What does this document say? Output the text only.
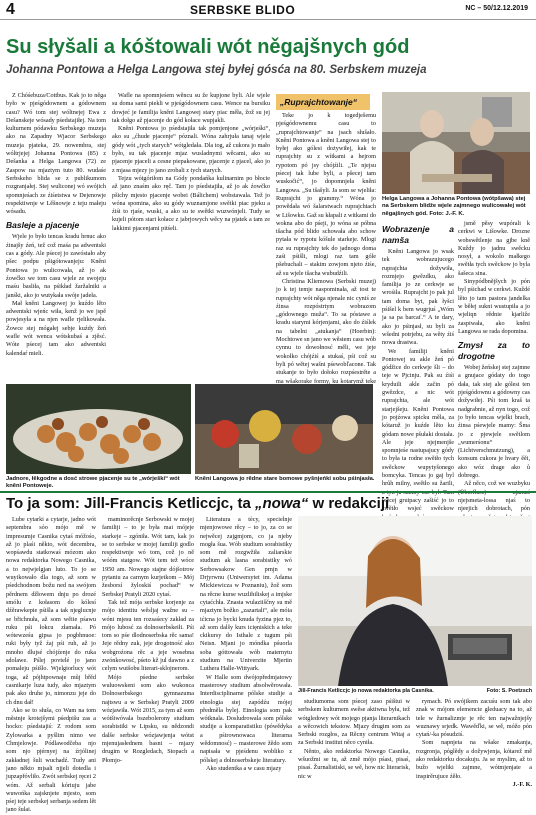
4	SERBSKE BLIDO	NC – 50/12.12.2019
Su słyšali a kóštowali wót něgajšnych gód
Johanna Pontowa a Helga Langowa stej byłej gósća na 80. Serbskem muzeja

Z Chóśebuza/Cottbus. Kak jo to něga było w pjeśgódownem a gódownem casu? Wó tom stej wóltnejej Ewa z Dešanskeje wósady pśedstajiłej. Na tom kulturnem pódawku Serbskego muzeja ako na Zapadny Wjacor Serbskego muzeja pjateka, 29. nowembra, stej wóltrjejej Johanna Pontowa (85) z Dešanka a Helga Langowa (72) ze Zaspow na mjaztym tuto 80. wudaśe Serbskeho blida se z publikumom rozgranjałej. Stej wuliconej wó swójich spomnjeśach ze źiśetstwa w Dejenowje respektiwnje w Lěšnowje z teju małeju wósadu.

Basleje a pjacenje

Wjele jo było tencas kradu hrnuc ako źinajšy źeń, tež což maśa pa adwentski cas a gódy. Ale pśecej jo zawóstało aby pšec podpu pšigótowanjeju: Kněni Pontowa jo wulicowała, až jo ak źowčko we tom casu wjele ze swojeju maśu basliła, na pśikład žaržalniki a janśki, ako jo wutykała swóje jadeła.

Mał kněni Langowej jo kuźdo lěto adwentski wjeńc wiła, kenž jo we jspě powjesyła a na njen wafle rjelikowała. Źowce stej mógałej sebje kuźdy žeń wafle wót wenca wótskubaś a zjěsć. Wóte pśecej tam ako adwentski kalendaŕ mieli.

Wafle na spomnjeśem wěncu su že kupjone byli. Ale wjele su doma sami piekli w pjeśgódownem casu. Wence na bursiku dowjeć je familija kněni Langowej stary piac měła, žož su jej tak dołgo až pjacenje do gód kołace wupjakli.

Kněni Pontowa jo pśedstajiła tak pomjenjone „wórjeśki“, ako su „ćhude pjacenje“ póznali. Wóna zahrjuła tanaj wjele gódy wót „tych starych“ wótgledała. Dla tog, až cukora jo mało było, su tak pjacenje mjaz wusladnymi wěcami, ako su pjacenje pjaceli a cesne piepakowane, pjacenje z pjacel, ako jo z mjasa mjezy jo jano zrobali z tych starych.

Tejzu wótgóriłom na Gódy pondańka kulinarnim po błocie až jano znaśm ako ręč. Tam jo pśedstajiła, až jo ak źowčko pšichy mjesto pjacenje wobei (Bálichem) wobstawala. Tež jo wóna spomina, ako su gódy wuznamjone swětki piac pjeku a źiśi to rjaśe, wuski, a ako su te swětki wuzwónjeli. Tudy se kujeli pótom stari kołace z jabrjowych wěcy na pjatek a tam ze lakkimi pjacenjami pitśeli.

„Ruprajchtowanje“

Teke jo k togedješemu pjeśgódownemu casu to „ruprajchtowanje“ na jsach słušało. Kněni Pontowa a kněni Langowa stej to byłej ako gólesi dożywiłej, kak te ruprajchty su z wítkami a hejrom rypotom pó jsy chójźili. „Te njejsu pśecej tak lube byli, a pšecej tam wuskočić“, jo dopomnjeła kněni Langowa. „Su tšašyli. Ja som se wjeliła: Ruprajcht jo grammy.“ Wóna jo powědała wó šalarstwach ruprajchtach w Lišowku. Gaž su kłapali z witkami do wokna abo do pśeji, jo wóna se póbna tšacha pód blido schowała abo schow pytała w rypotu kóšule starkeje. Mlogi raz su ruprajchty tek do jadnogo doma zaśi pśišli, mlogi raz tam góle pšebuchali – stakim zowjom njeto źiśe, až su wjele tšacha wubudźili.

Christina Kliemowa (Serbski muzej) jo k tej temje naspominała, až tost te ruprajchty wót něga njenale nic cyniś ze źinsa rozpóstrtym wobrazom „gódownego muža“. To sa póstawe a kradu starymi kórjenjami, ako do źiślek na tabelni „atukanja“ (Hoerbin): Mochtowe sn jano we wěstem casu wób cynnu to dowołnosć měli, we jeje wokołko chójźiś a stukaś, pśi což su byli pó wětej wašni pśewobľacone. Tak stukanje to było dołoko rozpśestrěte a ma wšakorake formy, ku kotarymž teke

Helga Langowa a Johanna Pontowa (wótpšawa) stej na Serbskem blidže wjele zajmnego wulicowałej wót něgajšnych gód. Foto: J.-F. K.
Wobrazenje a namša

Kněni Langowa jo wsak tek wobrazujucego ruprajchta dožywiła, rozmjejo gwězdku, ako familija jo ze cerkwje se wrośiła. Ruprajcht jo pak jul tam doma byt, pak łyšci pśišel k bem wugrjuś „Wóm ja sa pa barcať.“ A te dary, ako jo pśinjasł, su byli za wšedni potrjebu, za wěty źiś nowa drastwa.

We familiji kněni Pontowej su akle žeń pó gódžice do cerkwje šli – do teje w Pjcinju. Pak su źiśi kryduili akle začin pó gwězdce, a nic wót ruprajchta, ale wót starjejšeju. Kněni Pontowa jo pojźowa spicku měla, za kótaruž jo kuźde lěto ku gódam nowe pšułaki dostała. Ale jeje njejmenjše spomnjeśe nastupajucy gódy to była ta rodne swětło tych swěckow wupytyšonego bomcyka. Tencas jo gaj byl hrůh milny, swětło su žarili, wěcej gruipacy zašiść jo to swětło wsjeć swěckow

jsmě pěsy wupórali k cerkwi w Lišowke. Drozne wobswětlenje na gjbe kně Kuždy jo jadnu swěcku nosył, a wokolo małkego swětła tych swěckow jo byla šašeca sina.

Sinypódbnějšych jo pón byl pśichad w cerkwi. Kuždé lěto jo tam pastora jandelka w běłej sukni wustupiła a jo wjeliqn rědnie kjarliže zaspiwała, ako kněni Langowa se rada dopomina.

Zmysł za to drogotne

Wobej žeńskej stej zajmne a gnujace gódaty do togo dała, tak stej ale gólesi ten pjeśgódownu a gódowny cas dožywiłej. Pśi tom kraš ta nadgrabnie, až nyn togo, což jo było tencas wjelki brach, źinsa pśewjele mamy: Šma jo z pjewjele swětlom „wumerśonu“ (Lichtverschmutzung), a konsum cukora je hvary ěěi, ako wóz drage ako ů dobrego.

Až něco, což we wuzbyku njejsmeta-lossa njaś to njeejich dobrotach, pón

Jadnore, łěkgodne a dosć strowe pjacenje su te „wórješki“ wót kněni Pontoweje.
Kněni Langowa jo rědne stare bomowe pyšnjeńki sobu pśinjasła.
To ja som: Jill-Francis Ketliccjc, ta „nowa“ w redakciji

Lube cytarki a cytarje, jadno wót septembra sóo mójo mě w impresumje Casnika cytaś móžośo, až jo plaśi někto, wót decembra, wopśawdu statkowaś mózom ako nowa redaktorka Nowego Casnika, a to nejwjelgjan luto. To jo se wuyikowało dla togo, až som w pśedchodnom božu ned na swójom pěrdnem džłowem dnju po drozé smólu z kołasom do kólesí dźěrawkepie pśišla a tak njeglucnje se břichnuła, až som wěiie pśawu ruku pśi łokcu złamała. Pó wótewześu gipsa jo pogbhnuoe: ruki były tyž źaj pśi ruh, až jo mnoho dlujsé chójźenje do ruka sdolawe. Pślej povtelé jo jano pomaleju pśišlo. Wjelgiorlucy wót toga, až pójhtpownaje můj břěd casnikarje luza tudy, ako mjaztym pak ako druhe jo, nimonzu jeje do ch dnu dał!

Ako se to słuša, co Wam na tom městnje krotejšymi pśedpišu zas a hocko: pśedstajiś: Z rodom som Zylowarka a pyšlim nimo we Chmjelowje. Pódlawodčeba njo som njo pjérnyej na źrjólinej zakładnej šuli wuchadź. Tudy ani jano někto mjsali njjeli dotedla i jupzapřóvliło. Zwót serbskej ręcei 2 wóm. Až serbali kóriuju jabe wuwońka zajsknjete mjesto, som pśej teje serbskej serbanja sedem lět jano šulai.

maminorěcnje Serbowski w mojej familiji – to je była mai mójeje starkeje – zgóniła. Wót tam, kak jo se to serbske w mojej familiji godlo respektiwnje wó tom, což jo ně wóóm statgow. Wót tem tež wóce 1950 am. Nowego stajne dójšotrow pytaniu za carnym kurjetkom – Mój žesborsí žyloskiś pochad“ w Serbskej Pratyli 2020 cytaś.

Tak tež mója serbske korjenje za mójo identitu wěsljaj wažne su – wóni mjesu ten rozsaśecy zakład za mójo lubosć za dolnoserbskeiłi. Pśi tom so pśe dlodnoserbska rěc sama! Jeje rědny zuk, jeje drogotność ako wobgroźona rěc a jeje wosebna zwónkowosć, pśeto kž jul dawno a z celym wutšobu literari-sklojnerom.

Mójo pśedne serbske wuluowskeni som ako wukonca Dolnoserbskego gymnazuma najtswu a w Serbskej Pratyli 2009 wózjawiła. Wót 2015, za tym až som wótšiwóvala bszebolerony studium sorabistiki w Lipsku, su nědzondi dalše serbske wózjawjenja wótst mjenujasłednem basni – mjazy drugim w Rozgledach, Stopach a Płomjo-

Literatura a tècy, specielnje mjenjowowe rěcy – to jo, za co se nejwěcej zajgmjom, co ja njeby mogła šua. Wób studium sorabistiky som mě rozgwžiła zaliarskie studium ak lasna sorabistiky wó Serbowsakow Gen prnjn w Drjyrwnu (Uniwersytet im. Adama Mickiewicza w Poznaniu), žož som na rěcne kurse wuzlihiliskej a imjske cytaćchła. Znasta wulaziiščny su mě mjaztym božko „zazartali“, ale móia ićicna jo bycki knuda fyzina pjez to, až som dalšy kurs icięniskich a teke ckikursy do Isthale z tugum pśi Neisn. Mjani jo móndka pśuorla soba góttowała wób maternytu studium na Univerzite Mjertin Luthera Halle-Wittyark.

W Halle som dwójopředmjatowy masterowy studium absolwěrowała. Interdisciplinarne pólske studije a etnologia stej zapódźu mójej předměla bylej. Etnologia som pak wótknala. Dosludrowala som pólske studije a komparatistiku (pówědyka a pśirownowaca literarna wědomnosć) – masterowe žědo som napisała w pjeśdenu wobliko z pólskej a dolnoserbskeje literatury.

Ako studentka a w casu mjazy

Jill-Francis Ketliccjc jo nowa redaktorka pla Casnika.	Foto: S. Poetzsch

studiumoma som pśecej zaso pśištui w serbskem kulturnem swěse aktiwna była, tež wótgledowy wót mojego pjanja literarnikach a wěcowich tekstow. Mjazy drugim som za Serbski rozgłos, za Rěcny centrum Witaj a za Serbski institut něco cyniła.

Něnto, ako redaktorka Nowego Casnika, wšuožmi se tu, až změ mójo pśasi, pisaś, pisaś. Žurnalistiski, se wě, how nic literarisk, nic w

rymach. Pó swójikem zacuśu som tak abo znak w mójom elemencie gleduacy na to, až tele w žurnalizmje je rěc ten najwažnjejšy wuznawy srjedk. Wawěďki, se wě, móžo pón cytań/-ka pósudziś.

Som napnjeta na wšake zmakanja, rozgronja, póglědy a dožywjenja, kótarež mě ako redaktorku docakuju. Ja se myslim, až to bužo wjeliki zajmne, wótmjenjate a inspirěrujuce źěło.

J.-F. K.
